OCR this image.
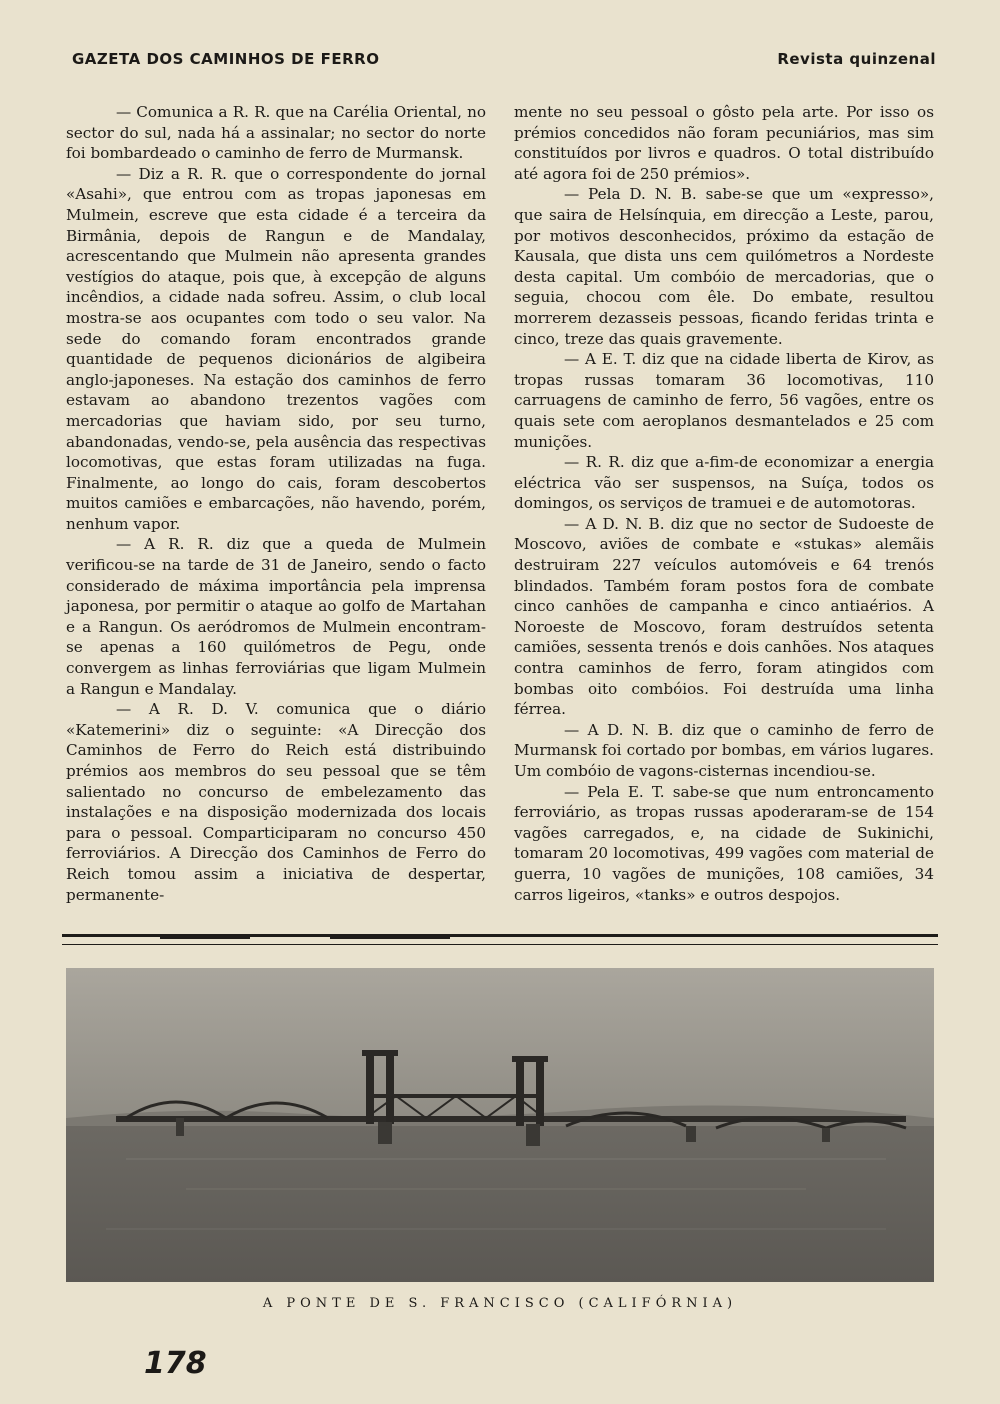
GAZETA DOS CAMINHOS DE FERRO	Revista quinzenal

— Comunica a R. R. que na Carélia Oriental, no sector do sul, nada há a assinalar; no sector do norte foi bombardeado o caminho de ferro de Murmansk.

— Diz a R. R. que o correspondente do jornal «Asahi», que entrou com as tropas japonesas em Mulmein, escreve que esta cidade é a terceira da Birmânia, depois de Rangun e de Mandalay, acrescentando que Mulmein não apresenta grandes vestígios do ataque, pois que, à excepção de alguns incêndios, a cidade nada sofreu. Assim, o club local mostra-se aos ocupantes com todo o seu valor. Na sede do comando foram encontrados grande quantidade de pequenos dicionários de algibeira anglo-japoneses. Na estação dos caminhos de ferro estavam ao abandono trezentos vagões com mercadorias que haviam sido, por seu turno, abandonadas, vendo-se, pela ausência das respectivas locomotivas, que estas foram utilizadas na fuga. Finalmente, ao longo do cais, foram descobertos muitos camiões e embarcações, não havendo, porém, nenhum vapor.

— A R. R. diz que a queda de Mulmein verificou-se na tarde de 31 de Janeiro, sendo o facto considerado de máxima importância pela imprensa japonesa, por permitir o ataque ao golfo de Martahan e a Rangun. Os aeródromos de Mulmein encontram-se apenas a 160 quilómetros de Pegu, onde convergem as linhas ferroviárias que ligam Mulmein a Rangun e Mandalay.

— A R. D. V. comunica que o diário «Katemerini» diz o seguinte: «A Direcção dos Caminhos de Ferro do Reich está distribuindo prémios aos membros do seu pessoal que se têm salientado no concurso de embelezamento das instalações e na disposição modernizada dos locais para o pessoal. Comparticiparam no concurso 450 ferroviários. A Direcção dos Caminhos de Ferro do Reich tomou assim a iniciativa de despertar, permanente-

mente no seu pessoal o gôsto pela arte. Por isso os prémios concedidos não foram pecuniários, mas sim constituídos por livros e quadros. O total distribuído até agora foi de 250 prémios».

— Pela D. N. B. sabe-se que um «expresso», que saira de Helsínquia, em direcção a Leste, parou, por motivos desconhecidos, próximo da estação de Kausala, que dista uns cem quilómetros a Nordeste desta capital. Um combóio de mercadorias, que o seguia, chocou com êle. Do embate, resultou morrerem dezasseis pessoas, ficando feridas trinta e cinco, treze das quais gravemente.

— A E. T. diz que na cidade liberta de Kirov, as tropas russas tomaram 36 locomotivas, 110 carruagens de caminho de ferro, 56 vagões, entre os quais sete com aeroplanos desmantelados e 25 com munições.

— R. R. diz que a-fim-de economizar a energia eléctrica vão ser suspensos, na Suíça, todos os domingos, os serviços de tramuei e de automotoras.

— A D. N. B. diz que no sector de Sudoeste de Moscovo, aviões de combate e «stukas» alemãis destruiram 227 veículos automóveis e 64 trenós blindados. Também foram postos fora de combate cinco canhões de campanha e cinco antiaérios. A Noroeste de Moscovo, foram destruídos setenta camiões, sessenta trenós e dois canhões. Nos ataques contra caminhos de ferro, foram atingidos com bombas oito combóios. Foi destruída uma linha férrea.

— A D. N. B. diz que o caminho de ferro de Murmansk foi cortado por bombas, em vários lugares. Um combóio de vagons-cisternas incendiou-se.

— Pela E. T. sabe-se que num entroncamento ferroviário, as tropas russas apoderaram-se de 154 vagões carregados, e, na cidade de Sukinichi, tomaram 20 locomotivas, 499 vagões com material de guerra, 10 vagões de munições, 108 camiões, 34 carros ligeiros, «tanks» e outros despojos.

A PONTE DE S. FRANCISCO (CALIFÓRNIA)
178
